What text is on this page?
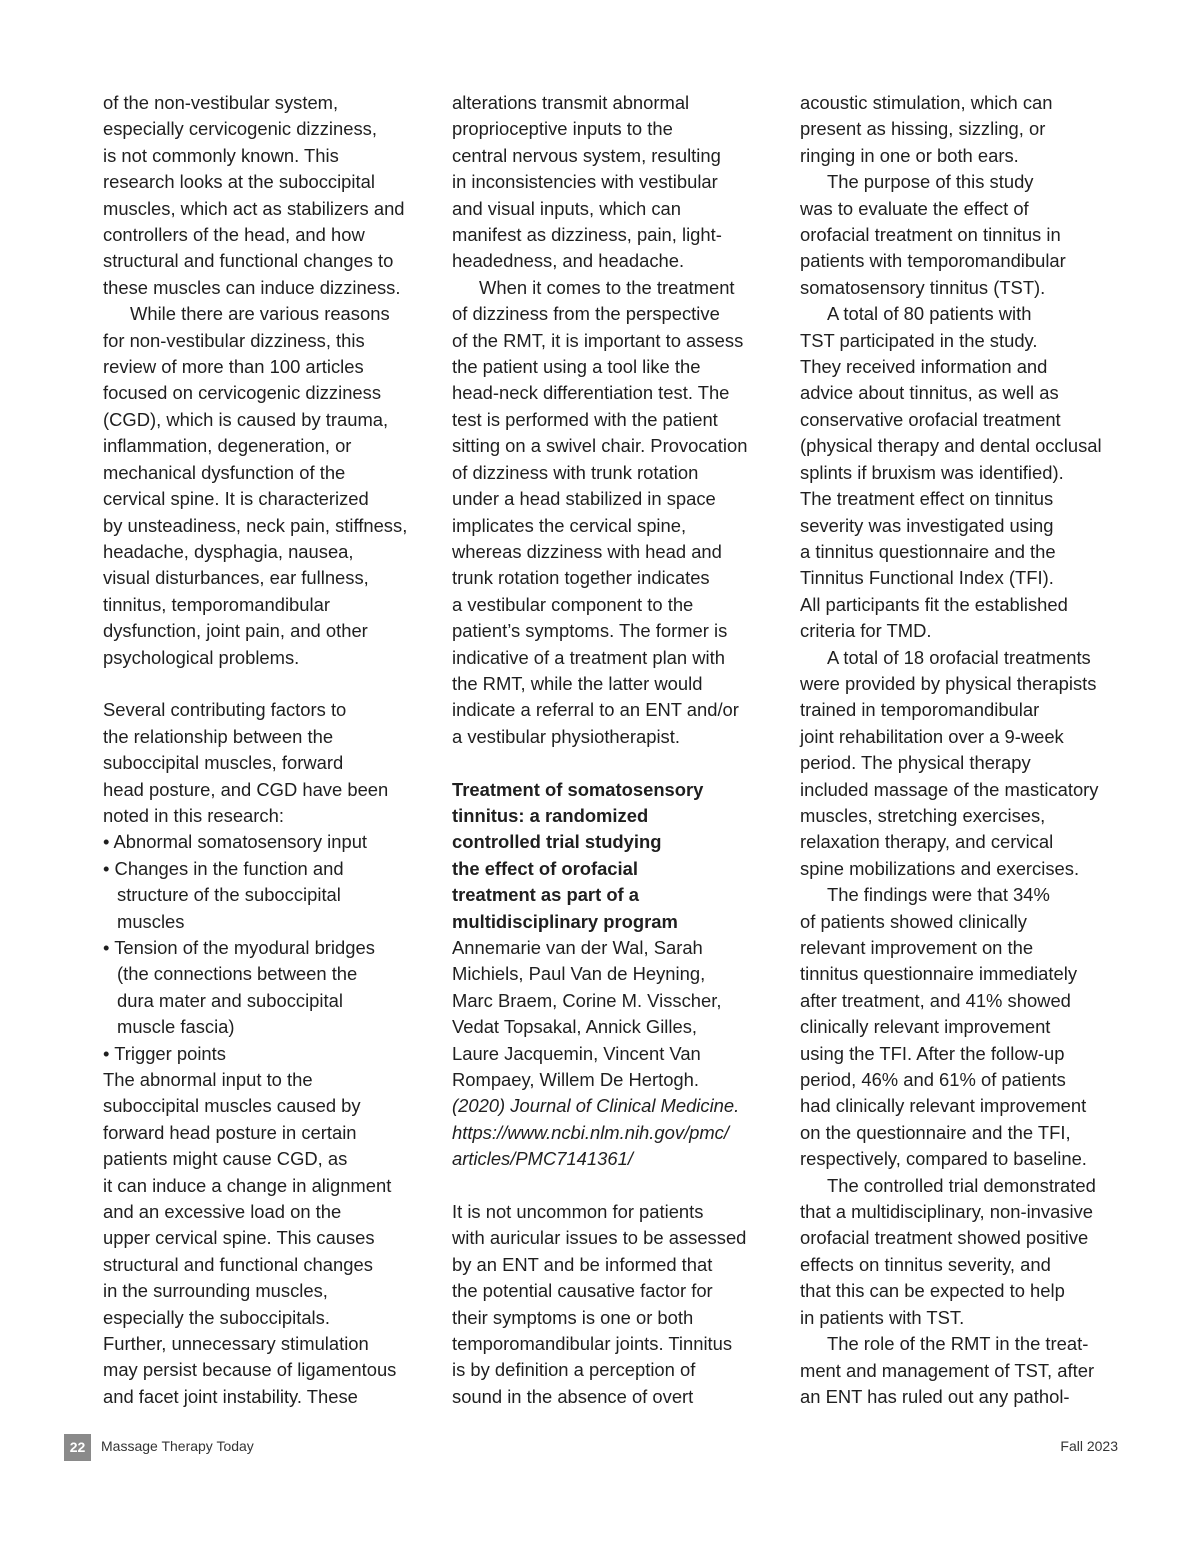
of the non-vestibular system,
especially cervicogenic dizziness,
is not commonly known. This
research looks at the suboccipital
muscles, which act as stabilizers and
controllers of the head, and how
structural and functional changes to
these muscles can induce dizziness.
While there are various reasons
for non-vestibular dizziness, this
review of more than 100 articles
focused on cervicogenic dizziness
(CGD), which is caused by trauma,
inflammation, degeneration, or
mechanical dysfunction of the
cervical spine. It is characterized
by unsteadiness, neck pain, stiffness,
headache, dysphagia, nausea,
visual disturbances, ear fullness,
tinnitus, temporomandibular
dysfunction, joint pain, and other
psychological problems.
Several contributing factors to
the relationship between the
suboccipital muscles, forward
head posture, and CGD have been
noted in this research:
• Abnormal somatosensory input
• Changes in the function and
structure of the suboccipital
muscles
• Tension of the myodural bridges
(the connections between the
dura mater and suboccipital
muscle fascia)
• Trigger points
The abnormal input to the
suboccipital muscles caused by
forward head posture in certain
patients might cause CGD, as
it can induce a change in alignment
and an excessive load on the
upper cervical spine. This causes
structural and functional changes
in the surrounding muscles,
especially the suboccipitals.
Further, unnecessary stimulation
may persist because of ligamentous
and facet joint instability. These
alterations transmit abnormal
proprioceptive inputs to the
central nervous system, resulting
in inconsistencies with vestibular
and visual inputs, which can
manifest as dizziness, pain, light-
headedness, and headache.
When it comes to the treatment
of dizziness from the perspective
of the RMT, it is important to assess
the patient using a tool like the
head-neck differentiation test. The
test is performed with the patient
sitting on a swivel chair. Provocation
of dizziness with trunk rotation
under a head stabilized in space
implicates the cervical spine,
whereas dizziness with head and
trunk rotation together indicates
a vestibular component to the
patient’s symptoms. The former is
indicative of a treatment plan with
the RMT, while the latter would
indicate a referral to an ENT and/or
a vestibular physiotherapist.
Treatment of somatosensory
tinnitus: a randomized
controlled trial studying
the effect of orofacial
treatment as part of a
multidisciplinary program
Annemarie van der Wal, Sarah
Michiels, Paul Van de Heyning,
Marc Braem, Corine M. Visscher,
Vedat Topsakal, Annick Gilles,
Laure Jacquemin, Vincent Van
Rompaey, Willem De Hertogh.
(2020) Journal of Clinical Medicine.
https://www.ncbi.nlm.nih.gov/pmc/
articles/PMC7141361/
It is not uncommon for patients
with auricular issues to be assessed
by an ENT and be informed that
the potential causative factor for
their symptoms is one or both
temporomandibular joints. Tinnitus
is by definition a perception of
sound in the absence of overt
acoustic stimulation, which can
present as hissing, sizzling, or
ringing in one or both ears.
The purpose of this study
was to evaluate the effect of
orofacial treatment on tinnitus in
patients with temporomandibular
somatosensory tinnitus (TST).
A total of 80 patients with
TST participated in the study.
They received information and
advice about tinnitus, as well as
conservative orofacial treatment
(physical therapy and dental occlusal
splints if bruxism was identified).
The treatment effect on tinnitus
severity was investigated using
a tinnitus questionnaire and the
Tinnitus Functional Index (TFI).
All participants fit the established
criteria for TMD.
A total of 18 orofacial treatments
were provided by physical therapists
trained in temporomandibular
joint rehabilitation over a 9-week
period. The physical therapy
included massage of the masticatory
muscles, stretching exercises,
relaxation therapy, and cervical
spine mobilizations and exercises.
The findings were that 34%
of patients showed clinically
relevant improvement on the
tinnitus questionnaire immediately
after treatment, and 41% showed
clinically relevant improvement
using the TFI. After the follow-up
period, 46% and 61% of patients
had clinically relevant improvement
on the questionnaire and the TFI,
respectively, compared to baseline.
The controlled trial demonstrated
that a multidisciplinary, non-invasive
orofacial treatment showed positive
effects on tinnitus severity, and
that this can be expected to help
in patients with TST.
The role of the RMT in the treat-
ment and management of TST, after
an ENT has ruled out any pathol-
22	Massage Therapy Today	Fall 2023
